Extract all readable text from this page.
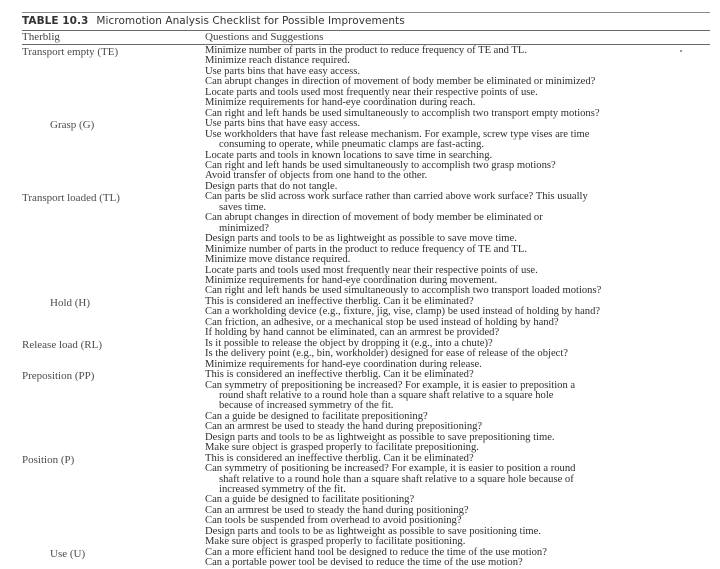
TABLE 10.3 Micromotion Analysis Checklist for Possible Improvements
Therblig	Questions and Suggestions
Transport empty (TE)	Minimize number of parts in the product to reduce frequency of TE and TL.
Minimize reach distance required.
Use parts bins that have easy access.
Can abrupt changes in direction of movement of body member be eliminated or minimized?
Locate parts and tools used most frequently near their respective points of use.
Minimize requirements for hand-eye coordination during reach.
Can right and left hands be used simultaneously to accomplish two transport empty motions?
Grasp (G)	Use parts bins that have easy access.
Use workholders that have fast release mechanism. For example, screw type vises are time
consuming to operate, while pneumatic clamps are fast-acting.
Locate parts and tools in known locations to save time in searching.
Can right and left hands be used simultaneously to accomplish two grasp motions?
Avoid transfer of objects from one hand to the other.
Design parts that do not tangle.
Transport loaded (TL)	Can parts be slid across work surface rather than carried above work surface? This usually
saves time.
Can abrupt changes in direction of movement of body member be eliminated or
minimized?
Design parts and tools to be as lightweight as possible to save move time.
Minimize number of parts in the product to reduce frequency of TE and TL.
Minimize move distance required.
Locate parts and tools used most frequently near their respective points of use.
Minimize requirements for hand-eye coordination during movement.
Can right and left hands be used simultaneously to accomplish two transport loaded motions?
Hold (H)	This is considered an ineffective therblig. Can it be eliminated?
Can a workholding device (e.g., fixture, jig, vise, clamp) be used instead of holding by hand?
Can friction, an adhesive, or a mechanical stop be used instead of holding by hand?
If holding by hand cannot be eliminated, can an armrest be provided?
Release load (RL)	Is it possible to release the object by dropping it (e.g., into a chute)?
Is the delivery point (e.g., bin, workholder) designed for ease of release of the object?
Minimize requirements for hand-eye coordination during release.
Preposition (PP)	This is considered an ineffective therblig. Can it be eliminated?
Can symmetry of prepositioning be increased? For example, it is easier to preposition a
round shaft relative to a round hole than a square shaft relative to a square hole
because of increased symmetry of the fit.
Can a guide be designed to facilitate prepositioning?
Can an armrest be used to steady the hand during prepositioning?
Design parts and tools to be as lightweight as possible to save prepositioning time.
Make sure object is grasped properly to facilitate prepositioning.
Position (P)	This is considered an ineffective therblig. Can it be eliminated?
Can symmetry of positioning be increased? For example, it is easier to position a round
shaft relative to a round hole than a square shaft relative to a square hole because of
increased symmetry of the fit.
Can a guide be designed to facilitate positioning?
Can an armrest be used to steady the hand during positioning?
Can tools be suspended from overhead to avoid positioning?
Design parts and tools to be as lightweight as possible to save positioning time.
Make sure object is grasped properly to facilitate positioning.
Use (U)	Can a more efficient hand tool be designed to reduce the time of the use motion?
Can a portable power tool be devised to reduce the time of the use motion?
